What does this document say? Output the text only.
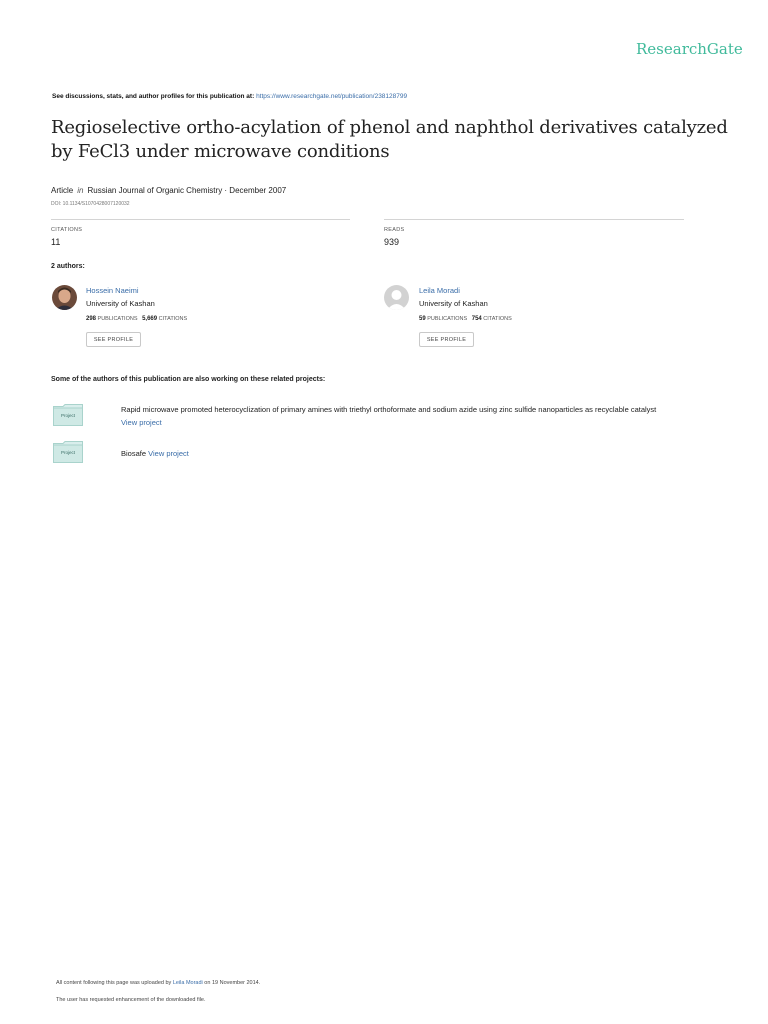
ResearchGate
See discussions, stats, and author profiles for this publication at: https://www.researchgate.net/publication/238128799
Regioselective ortho-acylation of phenol and naphthol derivatives catalyzed by FeCl3 under microwave conditions
Article in Russian Journal of Organic Chemistry · December 2007
DOI: 10.1134/S1070428007120032
CITATIONS
11
READS
939
2 authors:
Hossein Naeimi
University of Kashan
298 PUBLICATIONS 5,669 CITATIONS
SEE PROFILE
Leila Moradi
University of Kashan
59 PUBLICATIONS 754 CITATIONS
SEE PROFILE
Some of the authors of this publication are also working on these related projects:
Project
Rapid microwave promoted heterocyclization of primary amines with triethyl orthoformate and sodium azide using zinc sulfide nanoparticles as recyclable catalyst
View project
Project	Biosafe View project
All content following this page was uploaded by Leila Moradi on 19 November 2014.
The user has requested enhancement of the downloaded file.
